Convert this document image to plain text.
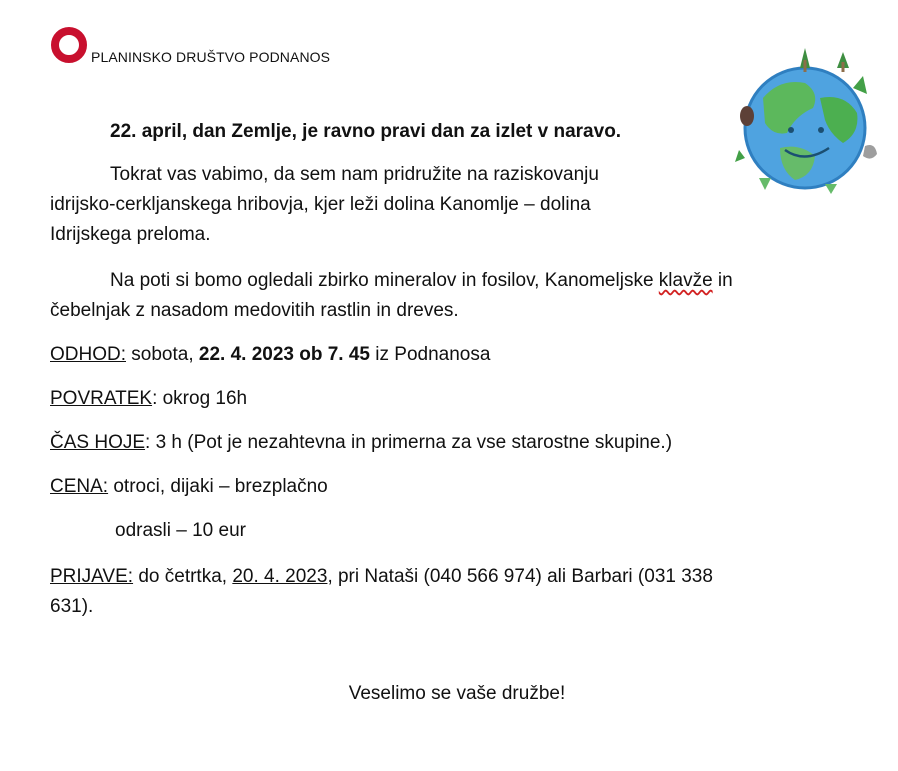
PLANINSKO DRUŠTVO PODNANOS
22. april, dan Zemlje, je ravno pravi dan za izlet v naravo.
Tokrat vas vabimo, da sem nam pridružite na raziskovanju
idrijsko-cerkljanskega hribovja, kjer leži dolina Kanomlje – dolina
Idrijskega preloma.
Na poti si bomo ogledali zbirko mineralov in fosilov, Kanomeljske klavže in
čebelnjak z nasadom medovitih rastlin in dreves.
ODHOD: sobota, 22. 4. 2023 ob 7. 45 iz Podnanosa
POVRATEK: okrog 16h
ČAS HOJE: 3 h (Pot je nezahtevna in primerna za vse starostne skupine.)
CENA: otroci, dijaki – brezplačno
odrasli – 10 eur
PRIJAVE: do četrtka, 20. 4. 2023, pri Nataši (040 566 974) ali Barbari (031 338
631).
Veselimo se vaše družbe!
